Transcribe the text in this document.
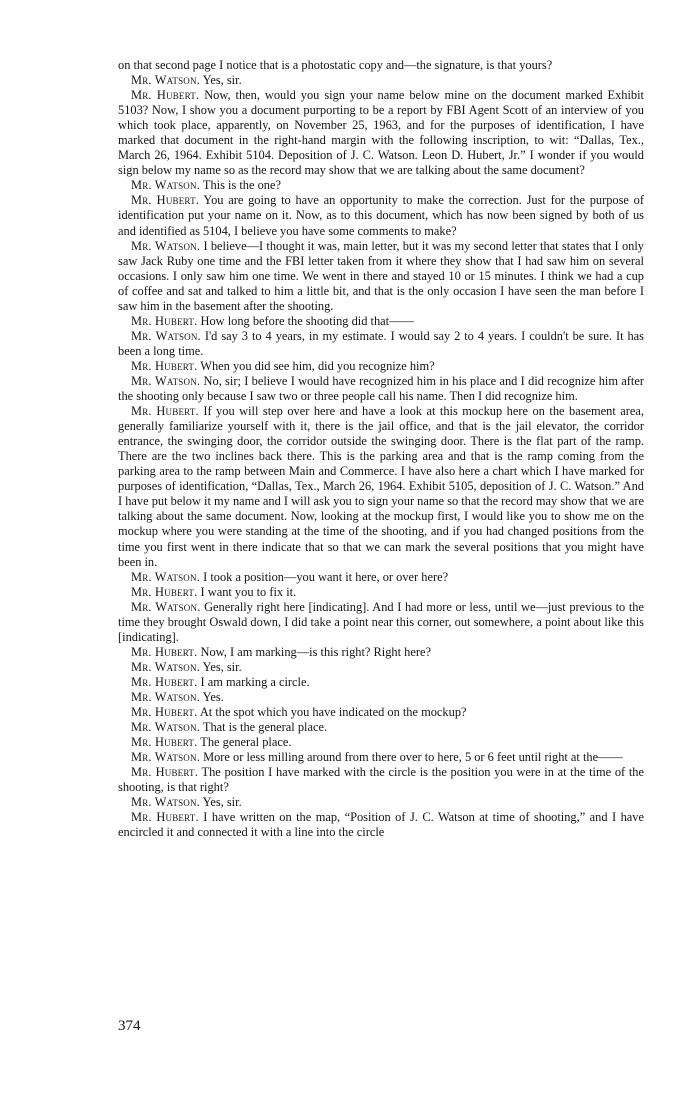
on that second page I notice that is a photostatic copy and—the signature, is that yours?

Mr. Watson. Yes, sir.

Mr. Hubert. Now, then, would you sign your name below mine on the document marked Exhibit 5103? Now, I show you a document purporting to be a report by FBI Agent Scott of an interview of you which took place, apparently, on November 25, 1963, and for the purposes of identification, I have marked that document in the right-hand margin with the following inscription, to wit: “Dallas, Tex., March 26, 1964. Exhibit 5104. Deposition of J. C. Watson. Leon D. Hubert, Jr.” I wonder if you would sign below my name so as the record may show that we are talking about the same document?

Mr. Watson. This is the one?

Mr. Hubert. You are going to have an opportunity to make the correction. Just for the purpose of identification put your name on it. Now, as to this document, which has now been signed by both of us and identified as 5104, I believe you have some comments to make?

Mr. Watson. I believe—I thought it was, main letter, but it was my second letter that states that I only saw Jack Ruby one time and the FBI letter taken from it where they show that I had saw him on several occasions. I only saw him one time. We went in there and stayed 10 or 15 minutes. I think we had a cup of coffee and sat and talked to him a little bit, and that is the only occasion I have seen the man before I saw him in the basement after the shooting.

Mr. Hubert. How long before the shooting did that——

Mr. Watson. I'd say 3 to 4 years, in my estimate. I would say 2 to 4 years. I couldn't be sure. It has been a long time.

Mr. Hubert. When you did see him, did you recognize him?

Mr. Watson. No, sir; I believe I would have recognized him in his place and I did recognize him after the shooting only because I saw two or three people call his name. Then I did recognize him.

Mr. Hubert. If you will step over here and have a look at this mockup here on the basement area, generally familiarize yourself with it, there is the jail office, and that is the jail elevator, the corridor entrance, the swinging door, the corridor outside the swinging door. There is the flat part of the ramp. There are the two inclines back there. This is the parking area and that is the ramp coming from the parking area to the ramp between Main and Commerce. I have also here a chart which I have marked for purposes of identification, “Dallas, Tex., March 26, 1964. Exhibit 5105, deposition of J. C. Watson.” And I have put below it my name and I will ask you to sign your name so that the record may show that we are talking about the same document. Now, looking at the mockup first, I would like you to show me on the mockup where you were standing at the time of the shooting, and if you had changed positions from the time you first went in there indicate that so that we can mark the several positions that you might have been in.

Mr. Watson. I took a position—you want it here, or over here?

Mr. Hubert. I want you to fix it.

Mr. Watson. Generally right here [indicating]. And I had more or less, until we—just previous to the time they brought Oswald down, I did take a point near this corner, out somewhere, a point about like this [indicating].

Mr. Hubert. Now, I am marking—is this right? Right here?

Mr. Watson. Yes, sir.

Mr. Hubert. I am marking a circle.

Mr. Watson. Yes.

Mr. Hubert. At the spot which you have indicated on the mockup?

Mr. Watson. That is the general place.

Mr. Hubert. The general place.

Mr. Watson. More or less milling around from there over to here, 5 or 6 feet until right at the——

Mr. Hubert. The position I have marked with the circle is the position you were in at the time of the shooting, is that right?

Mr. Watson. Yes, sir.

Mr. Hubert. I have written on the map, “Position of J. C. Watson at time of shooting,” and I have encircled it and connected it with a line into the circle

374
